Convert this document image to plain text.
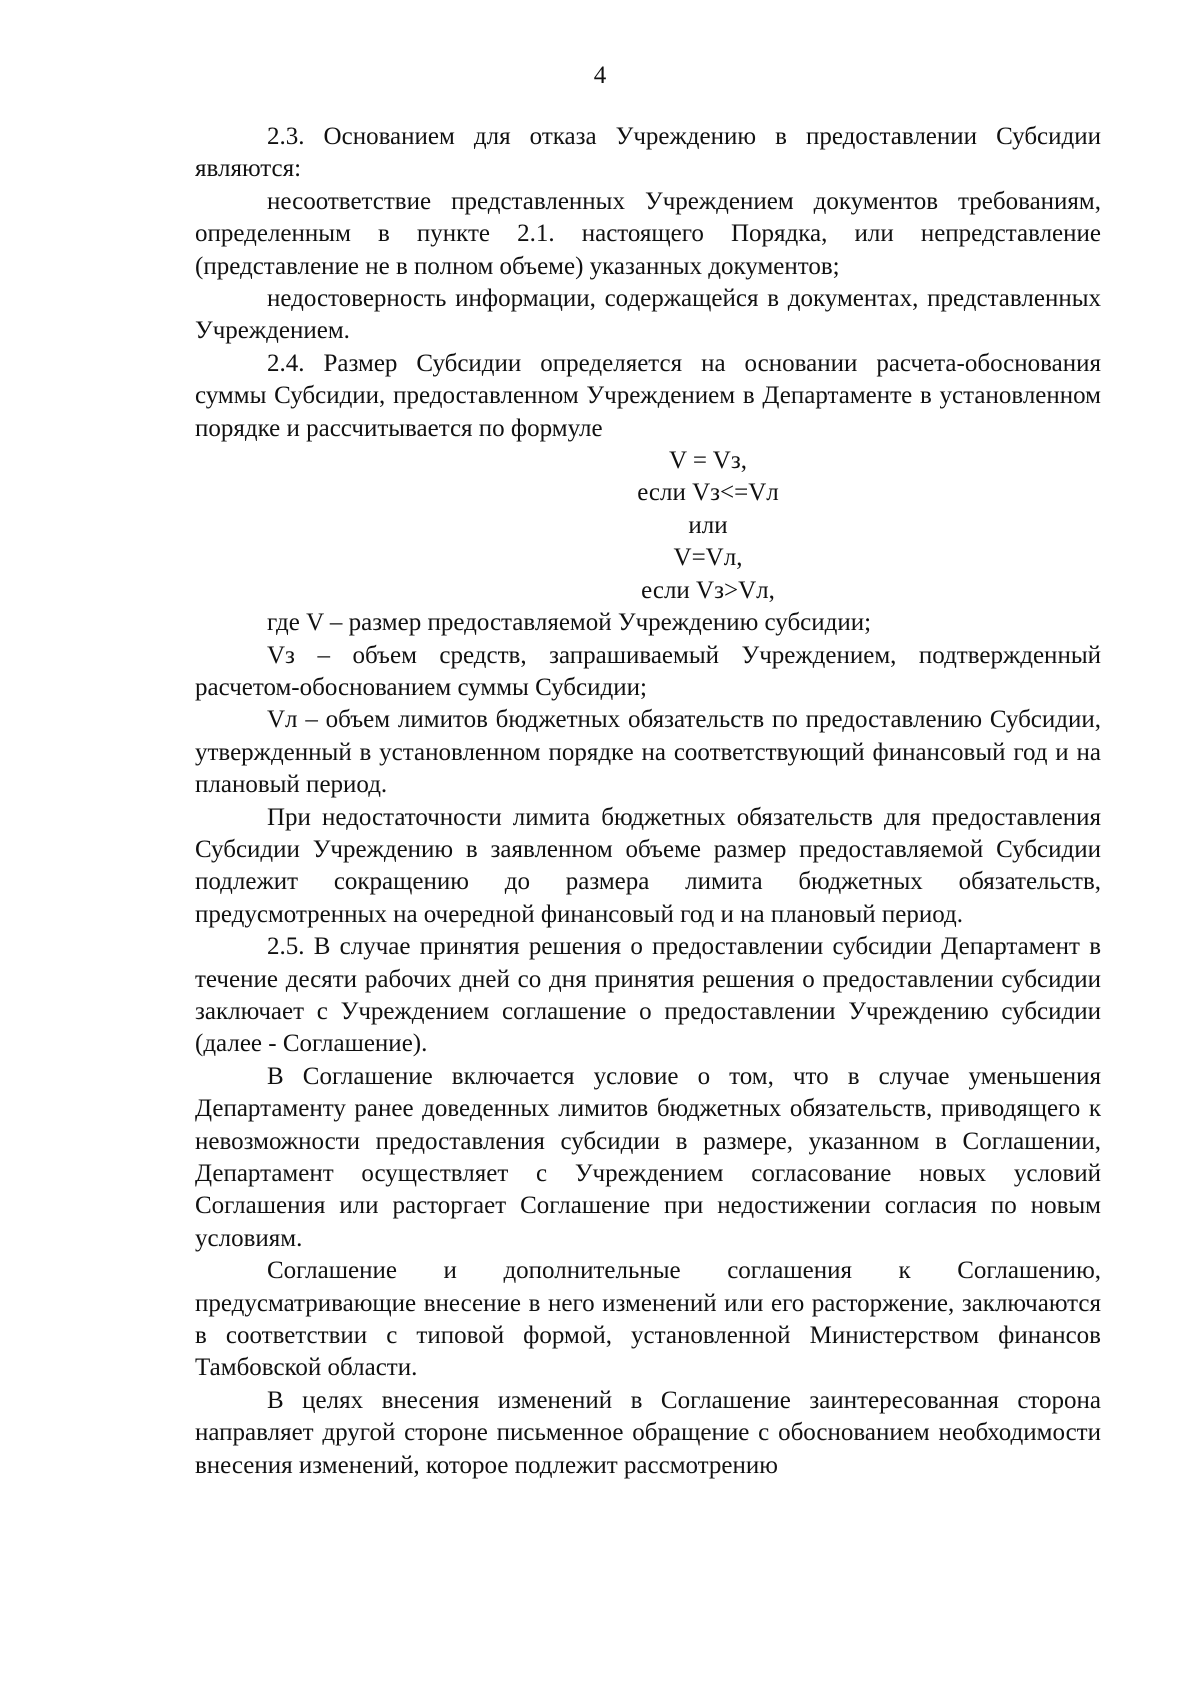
4

2.3. Основанием для отказа Учреждению в предоставлении Субсидии являются:

несоответствие представленных Учреждением документов требованиям, определенным в пункте 2.1. настоящего Порядка, или непредставление (представление не в полном объеме) указанных документов;

недостоверность информации, содержащейся в документах, представленных Учреждением.

2.4. Размер Субсидии определяется на основании расчета-обоснования суммы Субсидии, предоставленном Учреждением в Департаменте в установленном порядке и рассчитывается по формуле

V = Vз,

если Vз<=Vл

или

V=Vл,

если Vз>Vл,

где V – размер предоставляемой Учреждению субсидии;

Vз – объем средств, запрашиваемый Учреждением, подтвержденный расчетом-обоснованием суммы Субсидии;

Vл – объем лимитов бюджетных обязательств по предоставлению Субсидии, утвержденный в установленном порядке на соответствующий финансовый год и на плановый период.

При недостаточности лимита бюджетных обязательств для предоставления Субсидии Учреждению в заявленном объеме размер предоставляемой Субсидии подлежит сокращению до размера лимита бюджетных обязательств, предусмотренных на очередной финансовый год и на плановый период.

2.5. В случае принятия решения о предоставлении субсидии Департамент в течение десяти рабочих дней со дня принятия решения о предоставлении субсидии заключает с Учреждением соглашение о предоставлении Учреждению субсидии (далее - Соглашение).

В Соглашение включается условие о том, что в случае уменьшения Департаменту ранее доведенных лимитов бюджетных обязательств, приводящего к невозможности предоставления субсидии в размере, указанном в Соглашении, Департамент осуществляет с Учреждением согласование новых условий Соглашения или расторгает Соглашение при недостижении согласия по новым условиям.

Соглашение и дополнительные соглашения к Соглашению, предусматривающие внесение в него изменений или его расторжение, заключаются в соответствии с типовой формой, установленной Министерством финансов Тамбовской области.

В целях внесения изменений в Соглашение заинтересованная сторона направляет другой стороне письменное обращение с обоснованием необходимости внесения изменений, которое подлежит рассмотрению
